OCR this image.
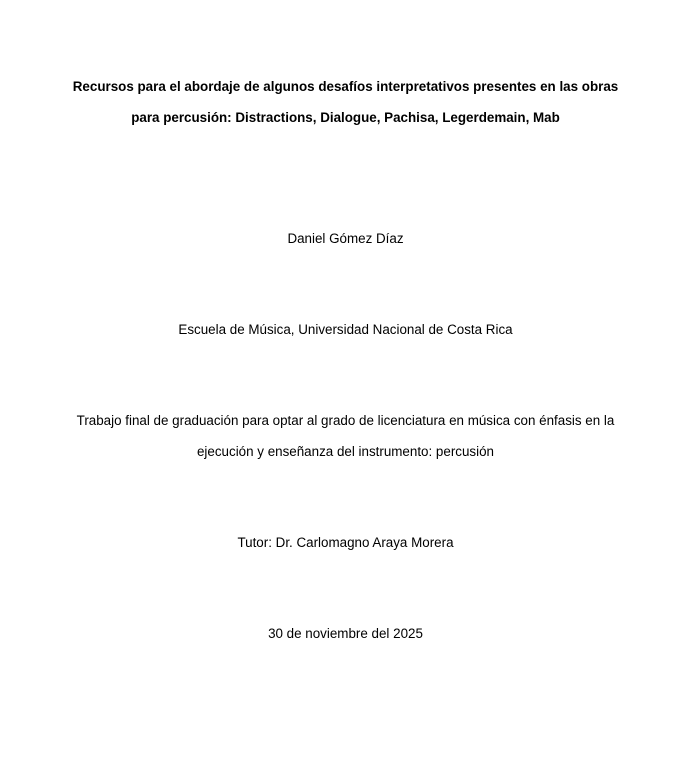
Recursos para el abordaje de algunos desafíos interpretativos presentes en las obras
para percusión: Distractions, Dialogue, Pachisa, Legerdemain, Mab
Daniel Gómez Díaz
Escuela de Música, Universidad Nacional de Costa Rica
Trabajo final de graduación para optar al grado de licenciatura en música con énfasis en la
ejecución y enseñanza del instrumento: percusión
Tutor: Dr. Carlomagno Araya Morera
30 de noviembre del 2025
